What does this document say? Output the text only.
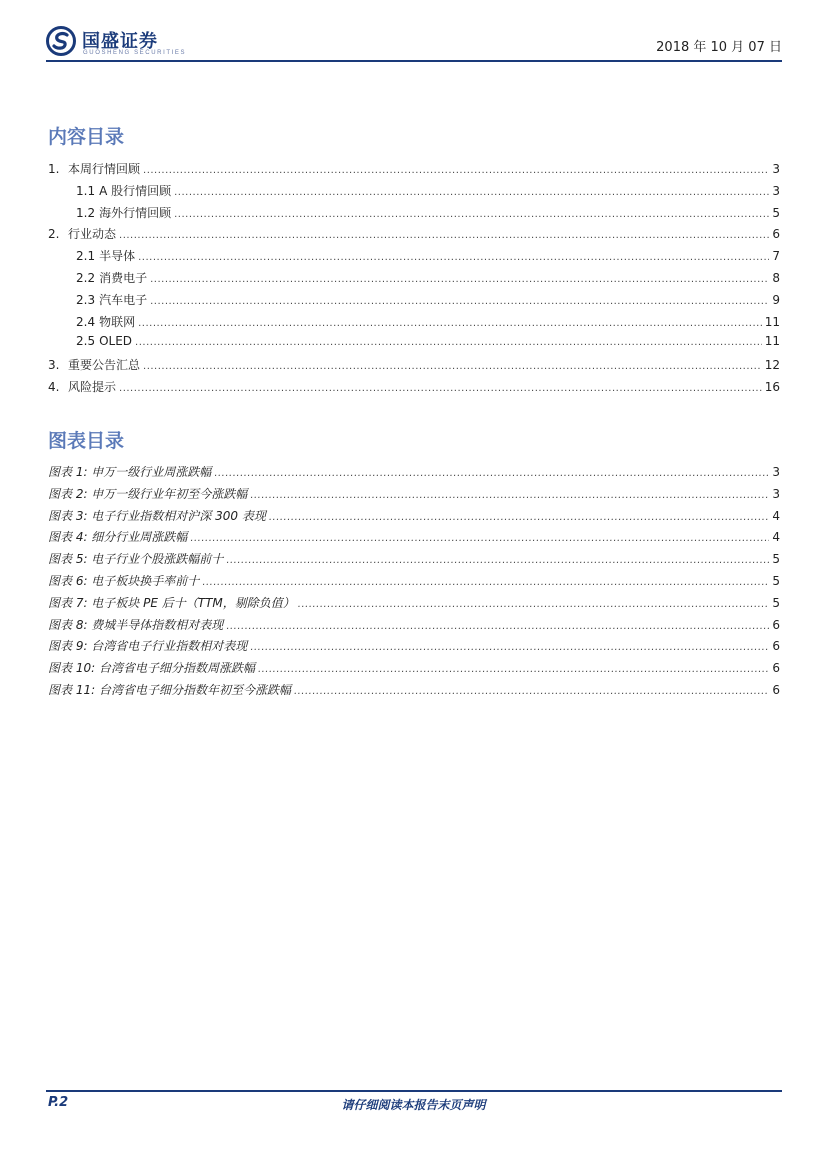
国盛证券
GUOSHENG SECURITIES	2018 年 10 月 07 日
内容目录
1. 本周行情回顾 .....	3
1.1 A 股行情回顾 .....	3
1.2 海外行情回顾 .....	5
2. 行业动态 .....	6
2.1 半导体 .....	7
2.2 消费电子 .....	8
2.3 汽车电子 .....	9
2.4 物联网 .....	11
2.5 OLED .....	11
3. 重要公告汇总 .....	12
4. 风险提示 .....	16
图表目录
图表 1: 申万一级行业周涨跌幅 .....	3
图表 2: 申万一级行业年初至今涨跌幅 .....	3
图表 3: 电子行业指数相对沪深 300 表现 .....	4
图表 4: 细分行业周涨跌幅 .....	4
图表 5: 电子行业个股涨跌幅前十 .....	5
图表 6: 电子板块换手率前十 .....	5
图表 7: 电子板块 PE 后十（TTM，剔除负值） .....	5
图表 8: 费城半导体指数相对表现 .....	6
图表 9: 台湾省电子行业指数相对表现 .....	6
图表 10: 台湾省电子细分指数周涨跌幅 .....	6
图表 11: 台湾省电子细分指数年初至今涨跌幅 .....	6
P.2	请仔细阅读本报告末页声明
